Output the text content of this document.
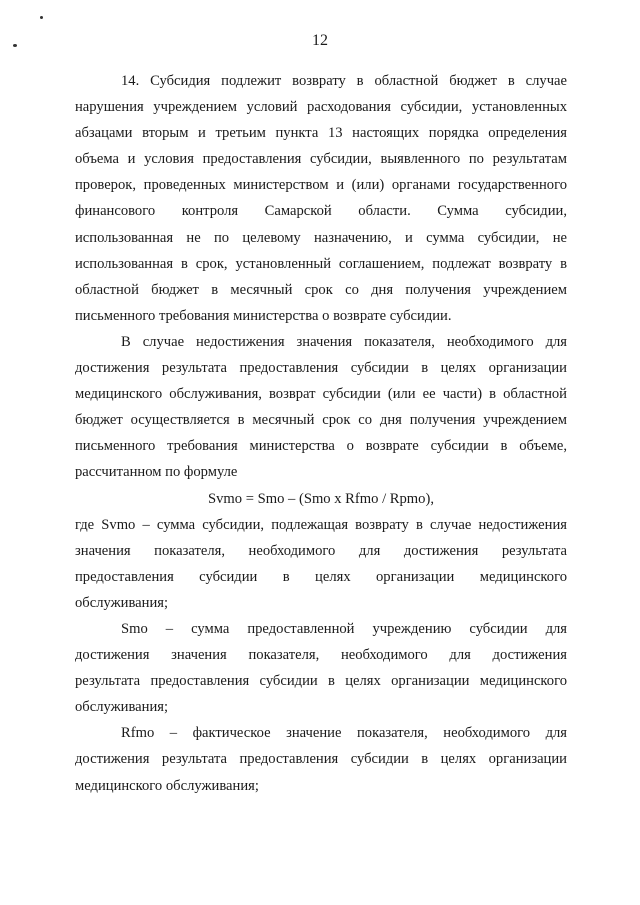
12
14. Субсидия подлежит возврату в областной бюджет в случае
нарушения учреждением условий расходования субсидии, установленных
абзацами вторым и третьим пункта 13 настоящих порядка определения
объема и условия предоставления субсидии, выявленного по результатам
проверок, проведенных министерством и (или) органами государственного
финансового контроля Самарской области. Сумма субсидии,
использованная не по целевому назначению, и сумма субсидии, не
использованная в срок, установленный соглашением, подлежат возврату в
областной бюджет в месячный срок со дня получения учреждением
письменного требования министерства о возврате субсидии.
В случае недостижения значения показателя, необходимого для
достижения результата предоставления субсидии в целях организации
медицинского обслуживания, возврат субсидии (или ее части) в областной
бюджет осуществляется в месячный срок со дня получения учреждением
письменного требования министерства о возврате субсидии в объеме,
рассчитанном по формуле
Svmo = Smo – (Smo x Rfmo / Rpmo),
где Svmo – сумма субсидии, подлежащая возврату в случае недостижения
значения показателя, необходимого для достижения результата
предоставления субсидии в целях организации медицинского
обслуживания;
Smo – сумма предоставленной учреждению субсидии для
достижения значения показателя, необходимого для достижения
результата предоставления субсидии в целях организации медицинского
обслуживания;
Rfmo – фактическое значение показателя, необходимого для
достижения результата предоставления субсидии в целях организации
медицинского обслуживания;
